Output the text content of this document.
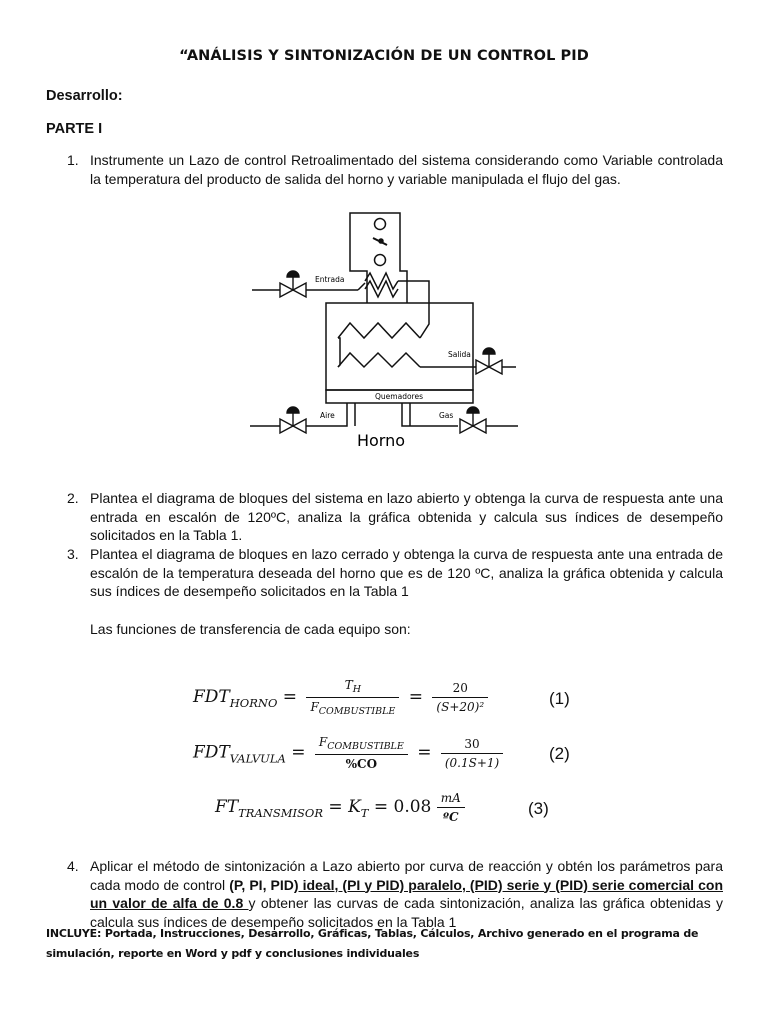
“ANÁLISIS Y SINTONIZACIÓN DE UN CONTROL PID
Desarrollo:
PARTE I
1. Instrumente un Lazo de control Retroalimentado del sistema considerando como Variable controlada la temperatura del producto de salida del horno y variable manipulada el flujo del gas.
Entrada
Salida
Quemadores
Aire	Gas
Horno
2. Plantea el diagrama de bloques del sistema en lazo abierto y obtenga la curva de respuesta ante una entrada en escalón de 120ºC, analiza la gráfica obtenida y calcula sus índices de desempeño solicitados en la Tabla 1.
3. Plantea el diagrama de bloques en lazo cerrado y obtenga la curva de respuesta ante una entrada de escalón de la temperatura deseada del horno que es de 120 ºC, analiza la gráfica obtenida y calcula sus índices de desempeño solicitados en la Tabla 1
Las funciones de transferencia de cada equipo son:
$FDT_{HORNO} = \frac{T_H}{F_{COMBUSTIBLE}} = \frac{20}{\text{(S+20)²}}$	(1)
$FDT_{VALVULA} = \frac{F_{COMBUSTIBLE}}{\%CO} = \frac{30}{(0.1S+1)}$	(2)
$FT_{TRANSMISOR} = K_T = 0.08 \frac{mA}{\text{ºC}}$	(3)
4. Aplicar el método de sintonización a Lazo abierto por curva de reacción y obtén los parámetros para cada modo de control (P, PI, PID) ideal, (PI y PID) paralelo, (PID) serie y (PID) serie comercial con un valor de alfa de 0.8 y obtener las curvas de cada sintonización, analiza las gráfica obtenidas y calcula sus índices de desempeño solicitados en la Tabla 1
INCLUYE: Portada, Instrucciones, Desarrollo, Gráficas, Tablas, Cálculos, Archivo generado en el programa de simulación, reporte en Word y pdf y conclusiones individuales
